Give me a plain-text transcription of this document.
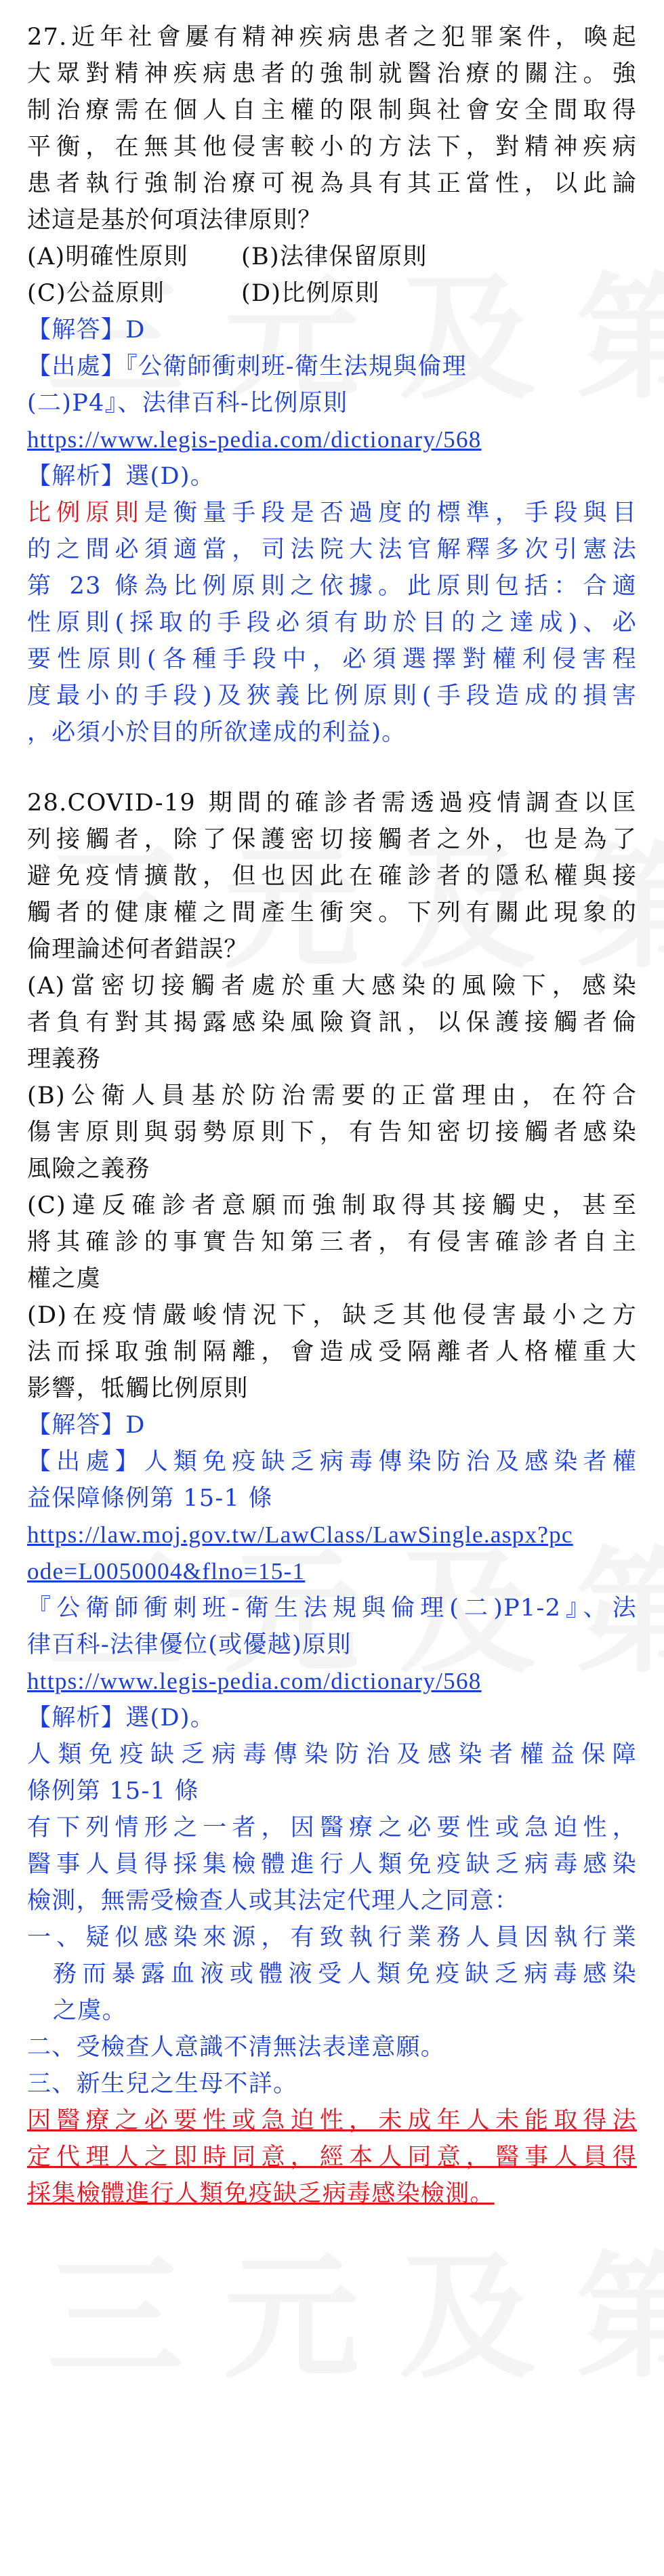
27.近年社會屢有精神疾病患者之犯罪案件，喚起

大眾對精神疾病患者的強制就醫治療的關注。強

制治療需在個人自主權的限制與社會安全間取得

平衡，在無其他侵害較小的方法下，對精神疾病

患者執行強制治療可視為具有其正當性，以此論

述這是基於何項法律原則？

(A)明確性原則	(B)法律保留原則
(C)公益原則	(D)比例原則

【解答】D

【出處】『公衛師衝刺班-衛生法規與倫理

(二)P4』、法律百科-比例原則

https://www.legis-pedia.com/dictionary/568

【解析】選(D)。

比例原則是衡量手段是否過度的標準，手段與目

的之間必須適當，司法院大法官解釋多次引憲法

第 23 條為比例原則之依據。此原則包括：合適

性原則(採取的手段必須有助於目的之達成)、必

要性原則(各種手段中，必須選擇對權利侵害程

度最小的手段)及狹義比例原則(手段造成的損害

，必須小於目的所欲達成的利益)。

28.COVID-19 期間的確診者需透過疫情調查以匡

列接觸者，除了保護密切接觸者之外，也是為了

避免疫情擴散，但也因此在確診者的隱私權與接

觸者的健康權之間產生衝突。下列有關此現象的

倫理論述何者錯誤？

(A)當密切接觸者處於重大感染的風險下，感染

者負有對其揭露感染風險資訊，以保護接觸者倫

理義務

(B)公衛人員基於防治需要的正當理由，在符合

傷害原則與弱勢原則下，有告知密切接觸者感染

風險之義務

(C)違反確診者意願而強制取得其接觸史，甚至

將其確診的事實告知第三者，有侵害確診者自主

權之虞

(D)在疫情嚴峻情況下，缺乏其他侵害最小之方

法而採取強制隔離，會造成受隔離者人格權重大

影響，牴觸比例原則

【解答】D

【出處】人類免疫缺乏病毒傳染防治及感染者權

益保障條例第 15-1 條

https://law.moj.gov.tw/LawClass/LawSingle.aspx?pc

ode=L0050004&flno=15-1

『公衛師衝刺班-衛生法規與倫理(二)P1-2』、法

律百科-法律優位(或優越)原則

https://www.legis-pedia.com/dictionary/568

【解析】選(D)。

人類免疫缺乏病毒傳染防治及感染者權益保障

條例第 15-1 條

有下列情形之一者，因醫療之必要性或急迫性，

醫事人員得採集檢體進行人類免疫缺乏病毒感染

檢測，無需受檢查人或其法定代理人之同意：

一、疑似感染來源，有致執行業務人員因執行業

務而暴露血液或體液受人類免疫缺乏病毒感染

之虞。

二、受檢查人意識不清無法表達意願。

三、新生兒之生母不詳。

因醫療之必要性或急迫性，未成年人未能取得法

定代理人之即時同意，經本人同意，醫事人員得

採集檢體進行人類免疫缺乏病毒感染檢測。
